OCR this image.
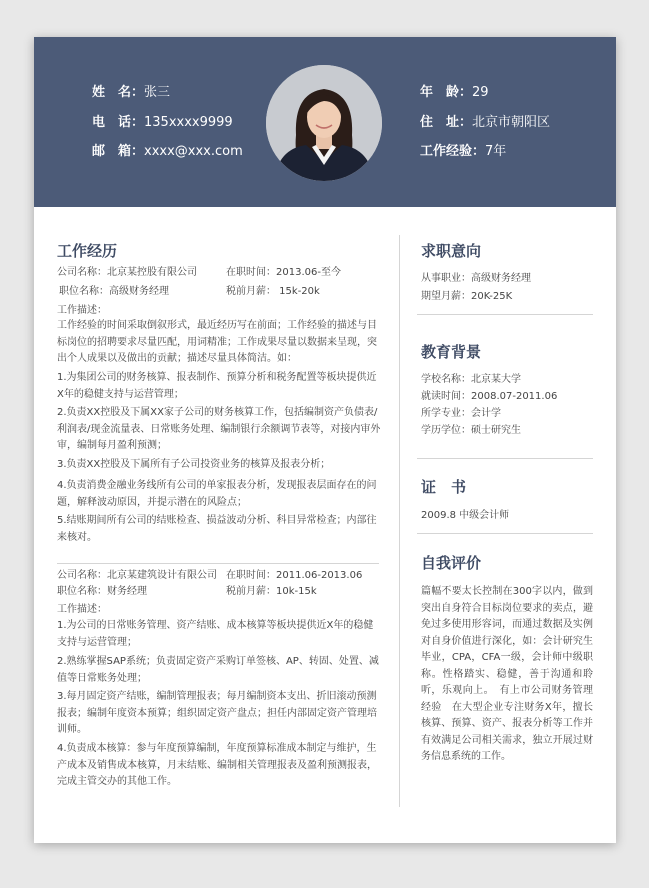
姓　名：张三
电　话：135xxxx9999
邮　箱：xxxx@xxx.com
年　龄：29
住　址：北京市朝阳区
工作经验：7年
工作经历
公司名称：北京某控股有限公司	在职时间：2013.06-至今
职位名称：高级财务经理	税前月薪： 15k-20k
工作描述：
工作经验的时间采取倒叙形式，最近经历写在前面；工作经验的描述与目标岗位的招聘要求尽量匹配，用词精准；工作成果尽量以数据来呈现，突出个人成果以及做出的贡献；描述尽量具体简洁。如：
1.为集团公司的财务核算、报表制作、预算分析和税务配置等板块提供近X年的稳健支持与运营管理；
2.负责XX控股及下属XX家子公司的财务核算工作，包括编制资产负债表/利润表/现金流量表、日常账务处理、编制银行余额调节表等，对接内审外审，编制每月盈利预测；
3.负责XX控股及下属所有子公司投资业务的核算及报表分析；
4.负责消费金融业务线所有公司的单家报表分析，发现报表层面存在的问题，解释波动原因，并提示潜在的风险点；
5.结账期间所有公司的结账检查、损益波动分析、科目异常检查；内部往来核对。
公司名称：北京某建筑设计有限公司 在职时间：2011.06-2013.06
职位名称：财务经理	税前月薪：10k-15k
工作描述：
1.为公司的日常账务管理、资产结账、成本核算等板块提供近X年的稳健支持与运营管理；
2.熟练掌握SAP系统；负责固定资产采购订单签核、AP、转固、处置、减值等日常账务处理；
3.每月固定资产结账，编制管理报表；每月编制资本支出、折旧滚动预测报表；编制年度资本预算；组织固定资产盘点；担任内部固定资产管理培训师。
4.负责成本核算：参与年度预算编制，年度预算标准成本制定与维护，生产成本及销售成本核算，月末结账、编制相关管理报表及盈利预测报表，完成主管交办的其他工作。
求职意向
从事职业：高级财务经理
期望月薪：20K-25K
教育背景
学校名称：北京某大学
就读时间：2008.07-2011.06
所学专业：会计学
学历学位：硕士研究生
证　书
2009.8 中级会计师
自我评价
篇幅不要太长控制在300字以内，做到突出自身符合目标岗位要求的卖点，避免过多使用形容词，而通过数据及实例对自身价值进行深化，如：会计研究生毕业，CPA，CFA一级，会计师中级职称。性格踏实、稳健，善于沟通和聆听，乐观向上。　有上市公司财务管理经验　在大型企业专注财务X年，擅长核算、预算、资产、报表分析等工作并有效满足公司相关需求，独立开展过财务信息系统的工作。
